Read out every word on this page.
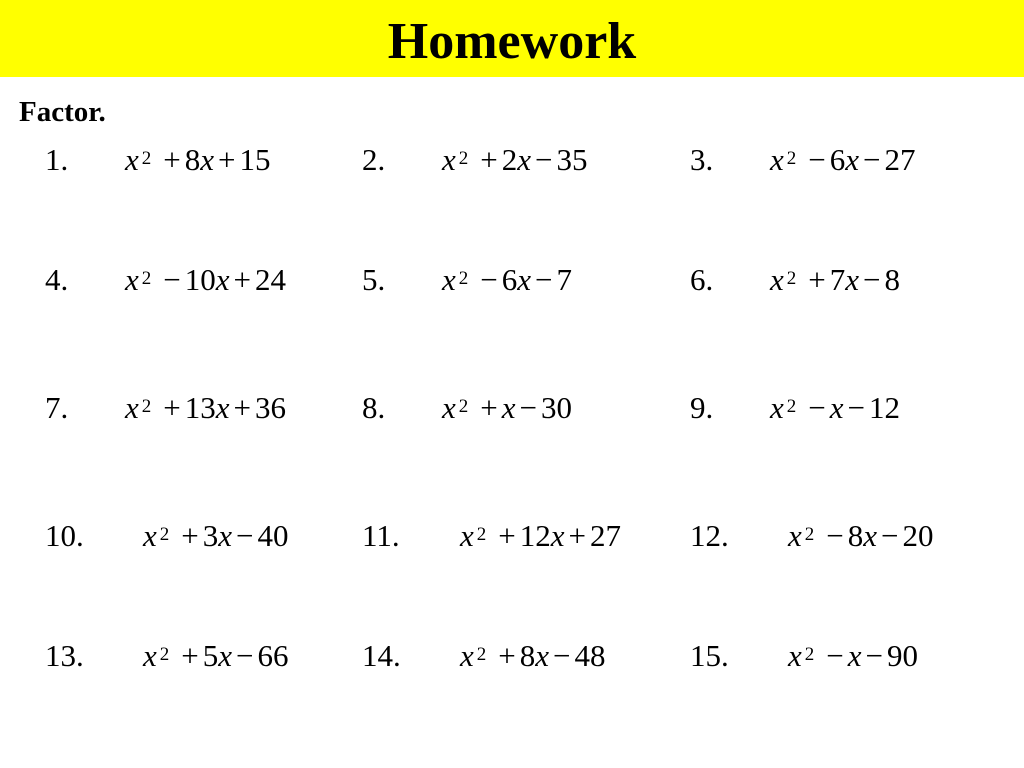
Homework
Factor.
1. x $^2$ + 8x + 15	2. x $^2$ + 2x − 35	3. x $^2$ − 6x − 27
4. x $^2$ − 10x + 24 5. x $^2$ − 6x − 7	6. x $^2$ + 7x − 8
7. x $^2$ + 13x + 36 8. x $^2$ + x − 30	9. x $^2$ − x − 12
10. x $^2$ + 3x − 40 11. x $^2$ + 12x + 27 12. x $^2$ − 8x − 20
13. x $^2$ + 5x − 66 14. x $^2$ + 8x − 48	15. x $^2$ − x − 90
